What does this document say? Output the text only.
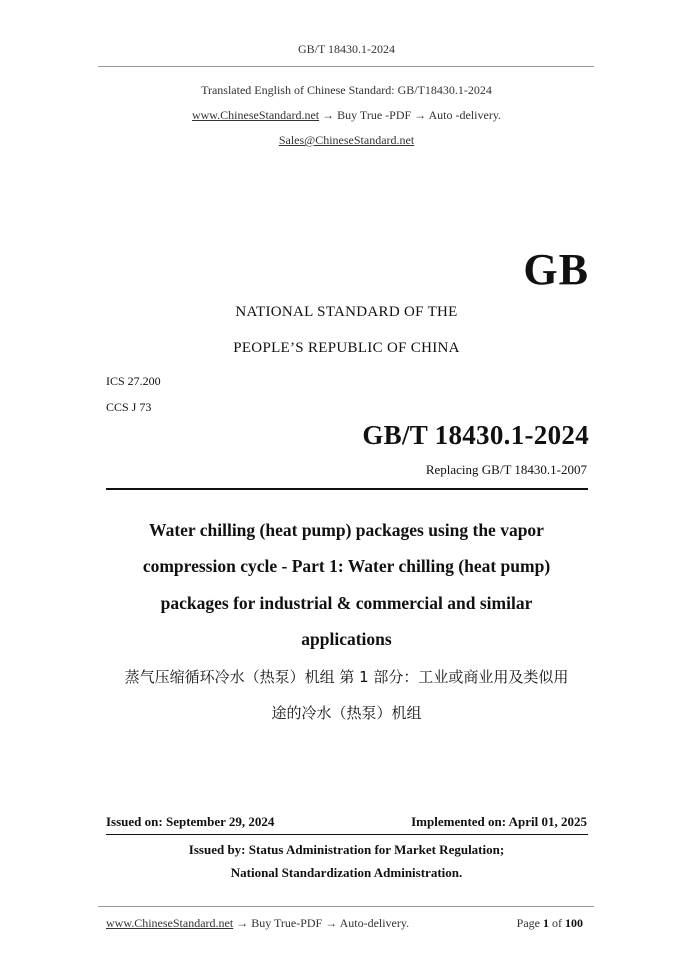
GB/T 18430.1-2024
Translated English of Chinese Standard: GB/T18430.1-2024
www.ChineseStandard.net → Buy True -PDF → Auto -delivery.
Sales@ChineseStandard.net
GB
NATIONAL STANDARD OF THE
PEOPLE’S REPUBLIC OF CHINA
ICS 27.200
CCS J 73
GB/T 18430.1-2024
Replacing GB/T 18430.1-2007
Water chilling (heat pump) packages using the vapor
compression cycle - Part 1: Water chilling (heat pump)
packages for industrial & commercial and similar
applications
蒸气压缩循环冷水（热泵）机组 第 1 部分：工业或商业用及类似用
途的冷水（热泵）机组
Issued on: September 29, 2024	Implemented on: April 01, 2025
Issued by: Status Administration for Market Regulation;
National Standardization Administration.
www.ChineseStandard.net → Buy True-PDF → Auto-delivery.	Page 1 of 100
